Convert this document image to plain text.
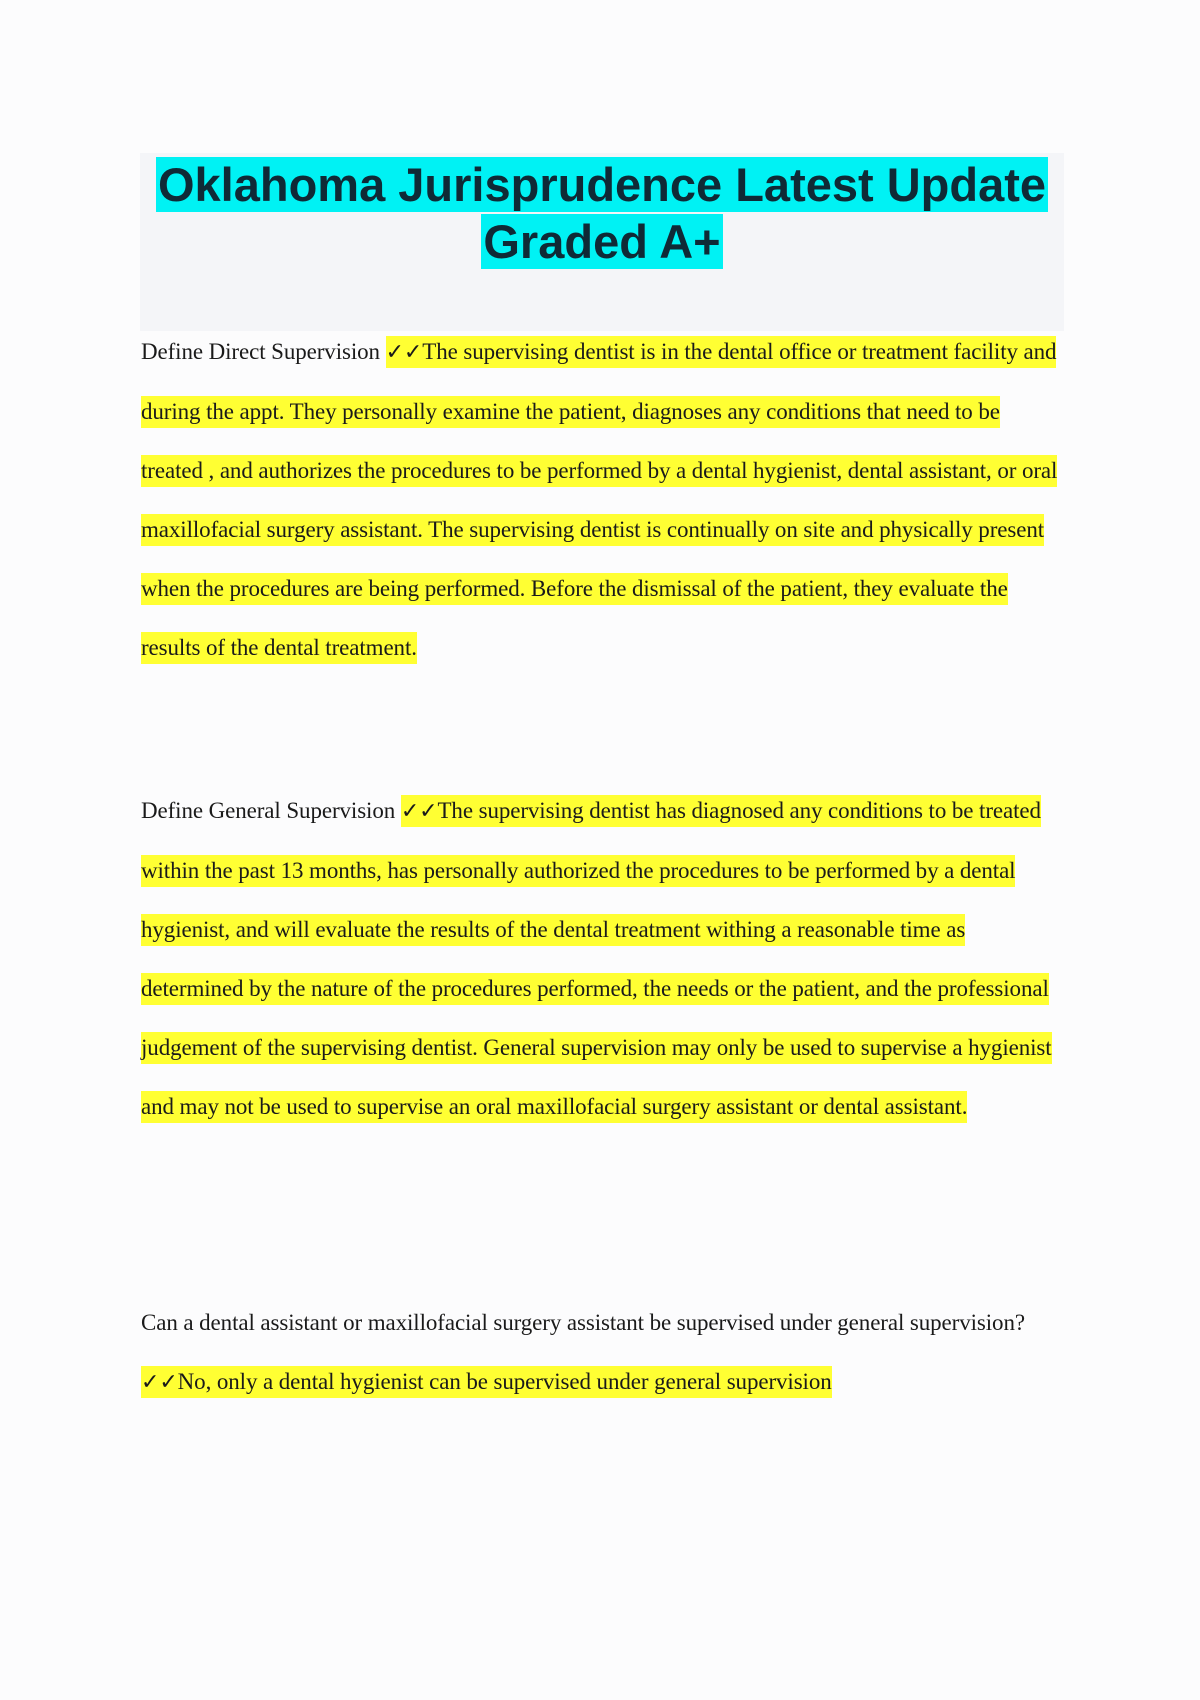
Oklahoma Jurisprudence Latest Update Graded A+
Define Direct Supervision ✓✓The supervising dentist is in the dental office or treatment facility and during the appt. They personally examine the patient, diagnoses any conditions that need to be treated , and authorizes the procedures to be performed by a dental hygienist, dental assistant, or oral maxillofacial surgery assistant. The supervising dentist is continually on site and physically present when the procedures are being performed. Before the dismissal of the patient, they evaluate the results of the dental treatment.
Define General Supervision ✓✓The supervising dentist has diagnosed any conditions to be treated within the past 13 months, has personally authorized the procedures to be performed by a dental hygienist, and will evaluate the results of the dental treatment withing a reasonable time as determined by the nature of the procedures performed, the needs or the patient, and the professional judgement of the supervising dentist. General supervision may only be used to supervise a hygienist and may not be used to supervise an oral maxillofacial surgery assistant or dental assistant.
Can a dental assistant or maxillofacial surgery assistant be supervised under general supervision? ✓✓No, only a dental hygienist can be supervised under general supervision
